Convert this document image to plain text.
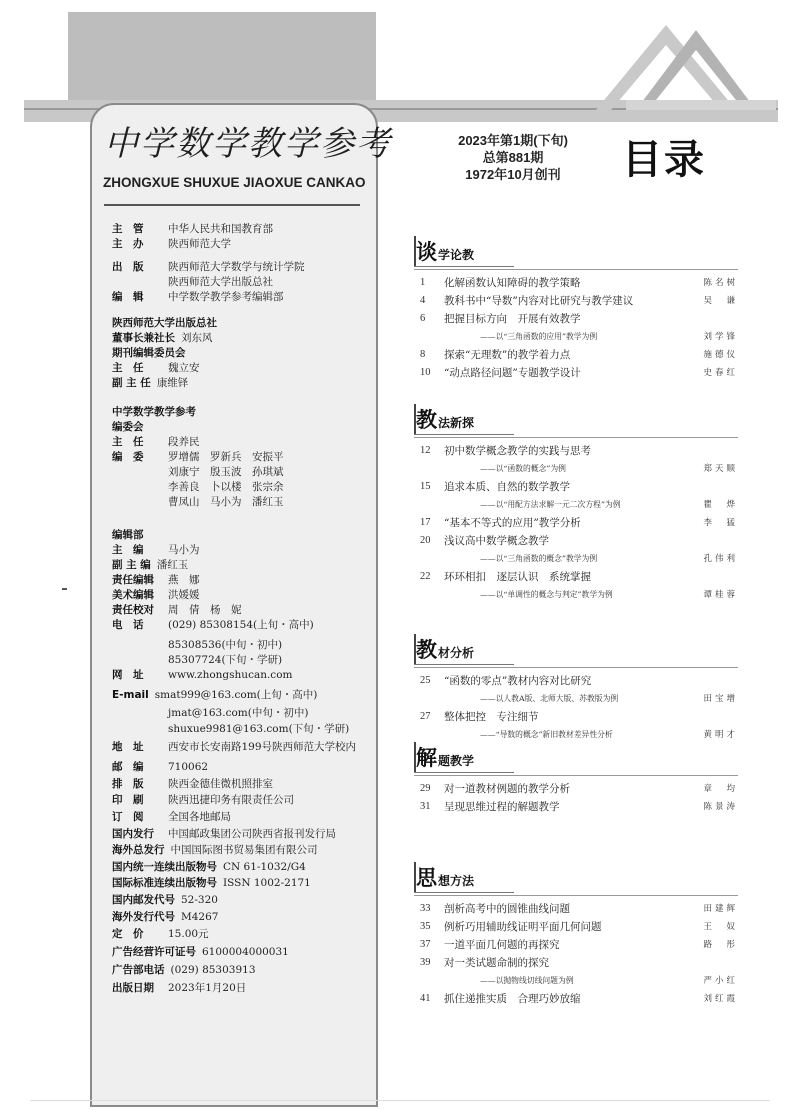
中学数学教学参考
ZHONGXUE SHUXUE JIAOXUE CANKAO
2023年第1期(下旬)
总第881期
1972年10月创刊	目录
主　管 中华人民共和国教育部
主　办 陕西师范大学
出　版 陕西师范大学数学与统计学院
陕西师范大学出版总社
编　辑 中学数学教学参考编辑部
陕西师范大学出版总社
董事长兼社长 刘东风
期刊编辑委员会
主　任 魏立安
副 主 任 康维铎
中学数学教学参考
编委会
主　任 段养民
编　委 罗增儒　罗新兵　安振平
刘康宁　殷玉波　孙琪斌
李善良　卜以楼　张宗余
曹凤山　马小为　潘红玉
编辑部
主　编 马小为
副 主 编 潘红玉
责任编辑 燕　娜
美术编辑 洪媛媛
责任校对 周　倩　杨　妮
电　话 (029) 85308154(上旬・高中)
85308536(中旬・初中)
85307724(下旬・学研)
网　址 www.zhongshucan.com
E-mail smat999@163.com(上旬・高中)
jmat@163.com(中旬・初中)
shuxue9981@163.com(下旬・学研)
地　址 西安市长安南路199号陕西师范大学校内
邮　编 710062
排　版 陕西金德佳微机照排室
印　刷 陕西迅捷印务有限责任公司
订　阅 全国各地邮局
国内发行 中国邮政集团公司陕西省报刊发行局
海外总发行 中国国际图书贸易集团有限公司
国内统一连续出版物号 CN 61-1032/G4
国际标准连续出版物号 ISSN 1002-2171
国内邮发代号 52-320
海外发行代号 M4267
定　价 15.00元
广告经营许可证号 6100004000031
广告部电话 (029) 85303913
出版日期 2023年1月20日
谈 学论教
1	化解函数认知障碍的教学策略	陈名树
4	教科书中“导数”内容对比研究与教学建议	吴　谦
6	把握目标方向　开展有效教学
——以“三角函数的应用”教学为例	刘学锋
8	探索“无理数”的教学着力点	施德仪
10	“动点路径问题”专题教学设计	史春红
教 法新探
12	初中数学概念教学的实践与思考
——以“函数的概念”为例	郑天顺
15	追求本质、自然的数学教学
——以“用配方法求解一元二次方程”为例	瞿　烨
17	“基本不等式的应用”教学分析	李　猛
20	浅议高中数学概念教学
——以“三角函数的概念”教学为例	孔伟利
22	环环相扣　逐层认识　系统掌握
——以“单调性的概念与判定”教学为例	谭桂蓉
教 材分析
25	“函数的零点”教材内容对比研究
——以人教A版、北师大版、苏教版为例	田宝增
27	整体把控　专注细节
——“导数的概念”新旧教材差异性分析	黄明才
解 题教学
29	对一道教材例题的教学分析	章　均
31	呈现思维过程的解题教学	陈景涛
思 想方法
33	剖析高考中的圆锥曲线问题	田建辉
35	例析巧用辅助线证明平面几何问题	王　奴
37	一道平面几何题的再探究	路　彤
39	对一类试题命制的探究
——以抛物线切线问题为例	严小红
41	抓住递推实质　合理巧妙放缩	刘红霞
